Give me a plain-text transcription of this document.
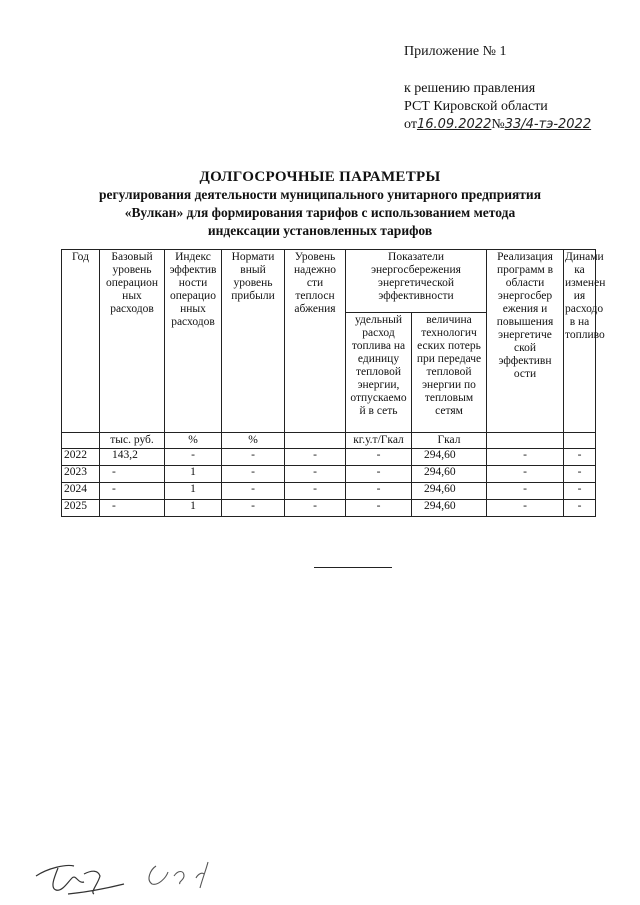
Приложение № 1
к решению правления
РСТ Кировской области
от16.09.2022№33/4-тэ-2022
ДОЛГОСРОЧНЫЕ ПАРАМЕТРЫ
регулирования деятельности муниципального унитарного предприятия
«Вулкан» для формирования тарифов с использованием метода
индексации установленных тарифов
Год	Базовый уровень операцион ных расходов	Индекс эффектив ности операцио нных расходов	Нормати вный уровень прибыли	Уровень надежно сти теплосн абжения	Показатели энергосбережения энергетической эффективности		Реализация программ в области энергосбер ежения и повышения энергетиче ской эффективн ости	Динами ка изменен ия расходо в на топливо
					удельный расход топлива на единицу тепловой энергии, отпускаемо й в сеть	величина технологич еских потерь при передаче тепловой энергии по тепловым сетям		
	тыс. руб.	%	%		кг.у.т/Гкал	Гкал		
2022	143,2	-	-	-	-	294,60	-	-
2023	-	1	-	-	-	294,60	-	-
2024	-	1	-	-	-	294,60	-	-
2025	-	1	-	-	-	294,60	-	-
